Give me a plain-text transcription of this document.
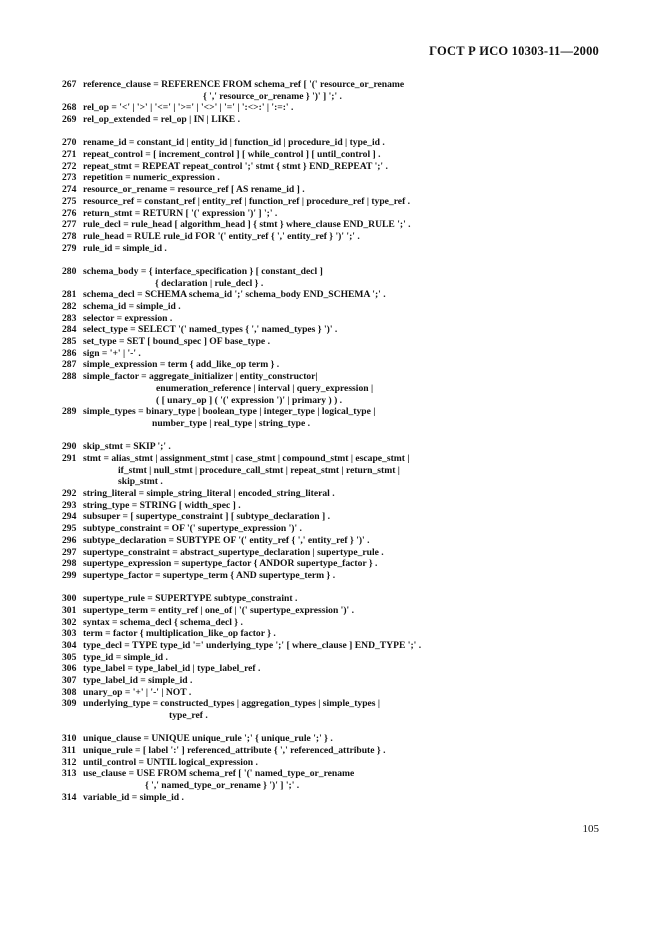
ГОСТ Р ИСО 10303-11—2000
267 reference_clause = REFERENCE FROM schema_ref [ '(' resource_or_rename
{ ',' resource_or_rename } ')' ] ';' .
268 rel_op = '<' | '>' | '<=' | '>=' | '<>' | '=' | ':<>:' | ':=:' .
269 rel_op_extended = rel_op | IN | LIKE .
270 rename_id = constant_id | entity_id | function_id | procedure_id | type_id .
271 repeat_control = [ increment_control ] [ while_control ] [ until_control ] .
272 repeat_stmt = REPEAT repeat_control ';' stmt { stmt } END_REPEAT ';' .
273 repetition = numeric_expression .
274 resource_or_rename = resource_ref [ AS rename_id ] .
275 resource_ref = constant_ref | entity_ref | function_ref | procedure_ref | type_ref .
276 return_stmt = RETURN [ '(' expression ')' ] ';' .
277 rule_decl = rule_head [ algorithm_head ] { stmt } where_clause END_RULE ';' .
278 rule_head = RULE rule_id FOR '(' entity_ref { ',' entity_ref } ')' ';' .
279 rule_id = simple_id .
280 schema_body = { interface_specification } [ constant_decl ]
{ declaration | rule_decl } .
281 schema_decl = SCHEMA schema_id ';' schema_body END_SCHEMA ';' .
282 schema_id = simple_id .
283 selector = expression .
284 select_type = SELECT '(' named_types { ',' named_types } ')' .
285 set_type = SET [ bound_spec ] OF base_type .
286 sign = '+' | '-' .
287 simple_expression = term { add_like_op term } .
288 simple_factor = aggregate_initializer | entity_constructor|
enumeration_reference | interval | query_expression |
( [ unary_op ] ( '(' expression ')' | primary ) ) .
289 simple_types = binary_type | boolean_type | integer_type | logical_type |
number_type | real_type | string_type .
290 skip_stmt = SKIP ';' .
291 stmt = alias_stmt | assignment_stmt | case_stmt | compound_stmt | escape_stmt |
if_stmt | null_stmt | procedure_call_stmt | repeat_stmt | return_stmt |
skip_stmt .
292 string_literal = simple_string_literal | encoded_string_literal .
293 string_type = STRING [ width_spec ] .
294 subsuper = [ supertype_constraint ] [ subtype_declaration ] .
295 subtype_constraint = OF '(' supertype_expression ')' .
296 subtype_declaration = SUBTYPE OF '(' entity_ref { ',' entity_ref } ')' .
297 supertype_constraint = abstract_supertype_declaration | supertype_rule .
298 supertype_expression = supertype_factor { ANDOR supertype_factor } .
299 supertype_factor = supertype_term { AND supertype_term } .
300 supertype_rule = SUPERTYPE subtype_constraint .
301 supertype_term = entity_ref | one_of | '(' supertype_expression ')' .
302 syntax = schema_decl { schema_decl } .
303 term = factor { multiplication_like_op factor } .
304 type_decl = TYPE type_id '=' underlying_type ';' [ where_clause ] END_TYPE ';' .
305 type_id = simple_id .
306 type_label = type_label_id | type_label_ref .
307 type_label_id = simple_id .
308 unary_op = '+' | '-' | NOT .
309 underlying_type = constructed_types | aggregation_types | simple_types |
type_ref .
310 unique_clause = UNIQUE unique_rule ';' { unique_rule ';' } .
311 unique_rule = [ label ':' ] referenced_attribute { ',' referenced_attribute } .
312 until_control = UNTIL logical_expression .
313 use_clause = USE FROM schema_ref [ '(' named_type_or_rename
{ ',' named_type_or_rename } ')' ] ';' .
314 variable_id = simple_id .
105
